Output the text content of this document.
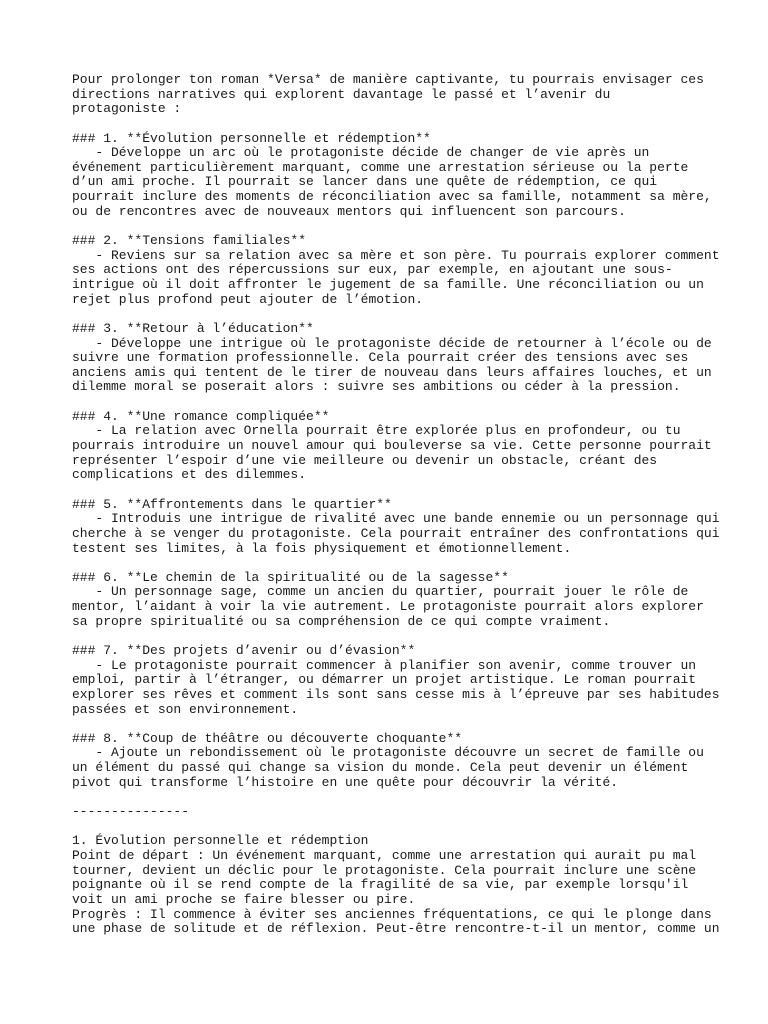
Pour prolonger ton roman *Versa* de manière captivante, tu pourrais envisager ces
directions narratives qui explorent davantage le passé et l’avenir du
protagoniste :
### 1. **Évolution personnelle et rédemption**
- Développe un arc où le protagoniste décide de changer de vie après un
événement particulièrement marquant, comme une arrestation sérieuse ou la perte
d’un ami proche. Il pourrait se lancer dans une quête de rédemption, ce qui
pourrait inclure des moments de réconciliation avec sa famille, notamment sa mère,
ou de rencontres avec de nouveaux mentors qui influencent son parcours.
### 2. **Tensions familiales**
- Reviens sur sa relation avec sa mère et son père. Tu pourrais explorer comment
ses actions ont des répercussions sur eux, par exemple, en ajoutant une sous-
intrigue où il doit affronter le jugement de sa famille. Une réconciliation ou un
rejet plus profond peut ajouter de l’émotion.
### 3. **Retour à l’éducation**
- Développe une intrigue où le protagoniste décide de retourner à l’école ou de
suivre une formation professionnelle. Cela pourrait créer des tensions avec ses
anciens amis qui tentent de le tirer de nouveau dans leurs affaires louches, et un
dilemme moral se poserait alors : suivre ses ambitions ou céder à la pression.
### 4. **Une romance compliquée**
- La relation avec Ornella pourrait être explorée plus en profondeur, ou tu
pourrais introduire un nouvel amour qui bouleverse sa vie. Cette personne pourrait
représenter l’espoir d’une vie meilleure ou devenir un obstacle, créant des
complications et des dilemmes.
### 5. **Affrontements dans le quartier**
- Introduis une intrigue de rivalité avec une bande ennemie ou un personnage qui
cherche à se venger du protagoniste. Cela pourrait entraîner des confrontations qui
testent ses limites, à la fois physiquement et émotionnellement.
### 6. **Le chemin de la spiritualité ou de la sagesse**
- Un personnage sage, comme un ancien du quartier, pourrait jouer le rôle de
mentor, l’aidant à voir la vie autrement. Le protagoniste pourrait alors explorer
sa propre spiritualité ou sa compréhension de ce qui compte vraiment.
### 7. **Des projets d’avenir ou d’évasion**
- Le protagoniste pourrait commencer à planifier son avenir, comme trouver un
emploi, partir à l’étranger, ou démarrer un projet artistique. Le roman pourrait
explorer ses rêves et comment ils sont sans cesse mis à l’épreuve par ses habitudes
passées et son environnement.
### 8. **Coup de théâtre ou découverte choquante**
- Ajoute un rebondissement où le protagoniste découvre un secret de famille ou
un élément du passé qui change sa vision du monde. Cela peut devenir un élément
pivot qui transforme l’histoire en une quête pour découvrir la vérité.
---------------
1. Évolution personnelle et rédemption
Point de départ : Un événement marquant, comme une arrestation qui aurait pu mal
tourner, devient un déclic pour le protagoniste. Cela pourrait inclure une scène
poignante où il se rend compte de la fragilité de sa vie, par exemple lorsqu'il
voit un ami proche se faire blesser ou pire.
Progrès : Il commence à éviter ses anciennes fréquentations, ce qui le plonge dans
une phase de solitude et de réflexion. Peut-être rencontre-t-il un mentor, comme un
